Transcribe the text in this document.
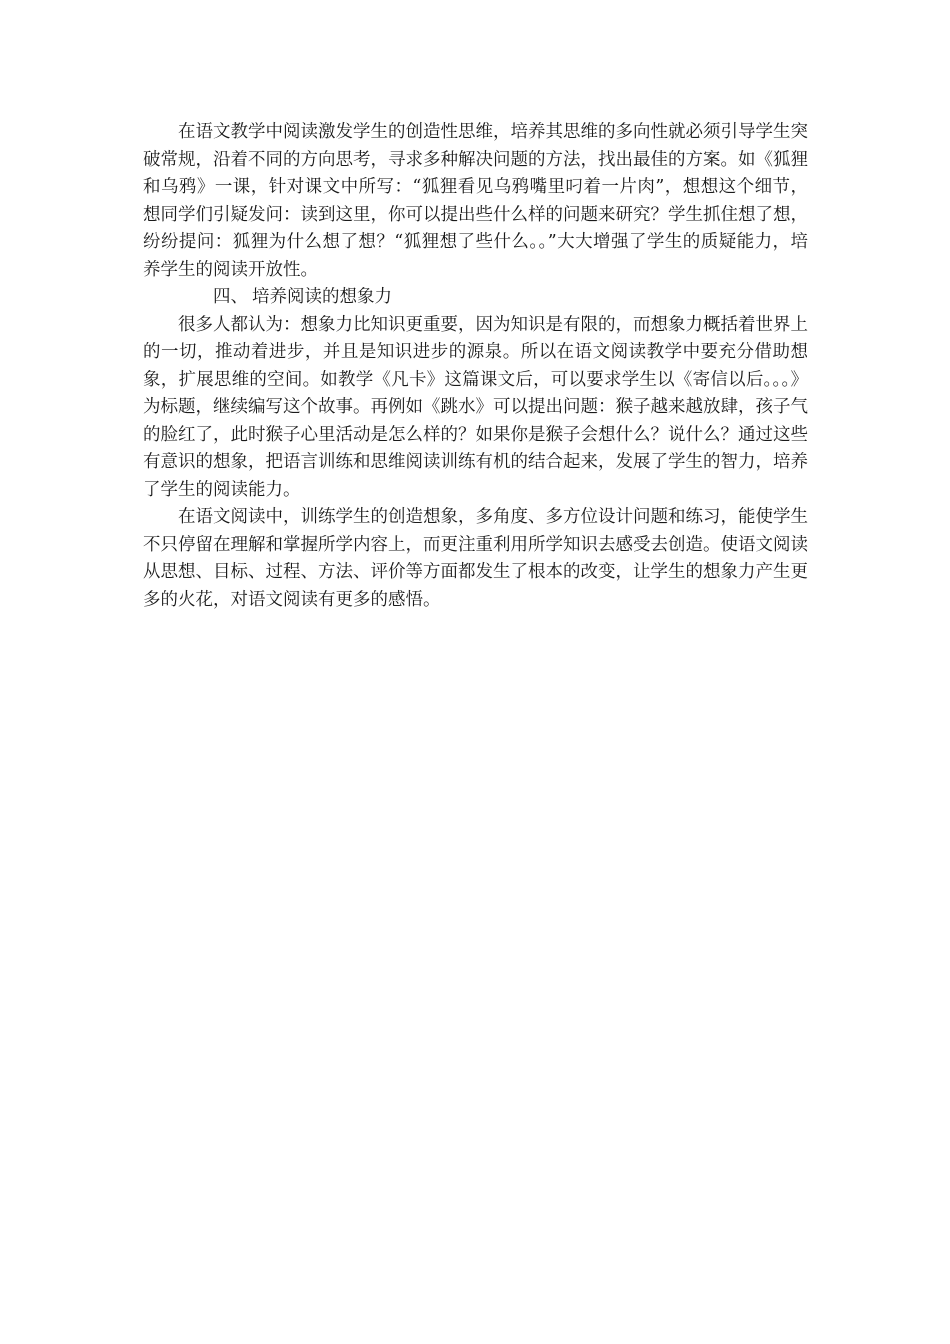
在语文教学中阅读激发学生的创造性思维，培养其思维的多向性就必须引导学生突破常规，沿着不同的方向思考，寻求多种解决问题的方法，找出最佳的方案。如《狐狸和乌鸦》一课，针对课文中所写：“狐狸看见乌鸦嘴里叼着一片肉”，想想这个细节，想同学们引疑发问：读到这里，你可以提出些什么样的问题来研究？学生抓住想了想，纷纷提问：狐狸为什么想了想？“狐狸想了些什么。。”大大增强了学生的质疑能力，培养学生的阅读开放性。

四、 培养阅读的想象力

很多人都认为：想象力比知识更重要，因为知识是有限的，而想象力概括着世界上的一切，推动着进步，并且是知识进步的源泉。所以在语文阅读教学中要充分借助想象，扩展思维的空间。如教学《凡卡》这篇课文后，可以要求学生以《寄信以后。。。》为标题，继续编写这个故事。再例如《跳水》可以提出问题：猴子越来越放肆，孩子气的脸红了，此时猴子心里活动是怎么样的？如果你是猴子会想什么？说什么？通过这些有意识的想象，把语言训练和思维阅读训练有机的结合起来，发展了学生的智力，培养了学生的阅读能力。

在语文阅读中，训练学生的创造想象，多角度、多方位设计问题和练习，能使学生不只停留在理解和掌握所学内容上，而更注重利用所学知识去感受去创造。使语文阅读从思想、目标、过程、方法、评价等方面都发生了根本的改变，让学生的想象力产生更多的火花，对语文阅读有更多的感悟。
